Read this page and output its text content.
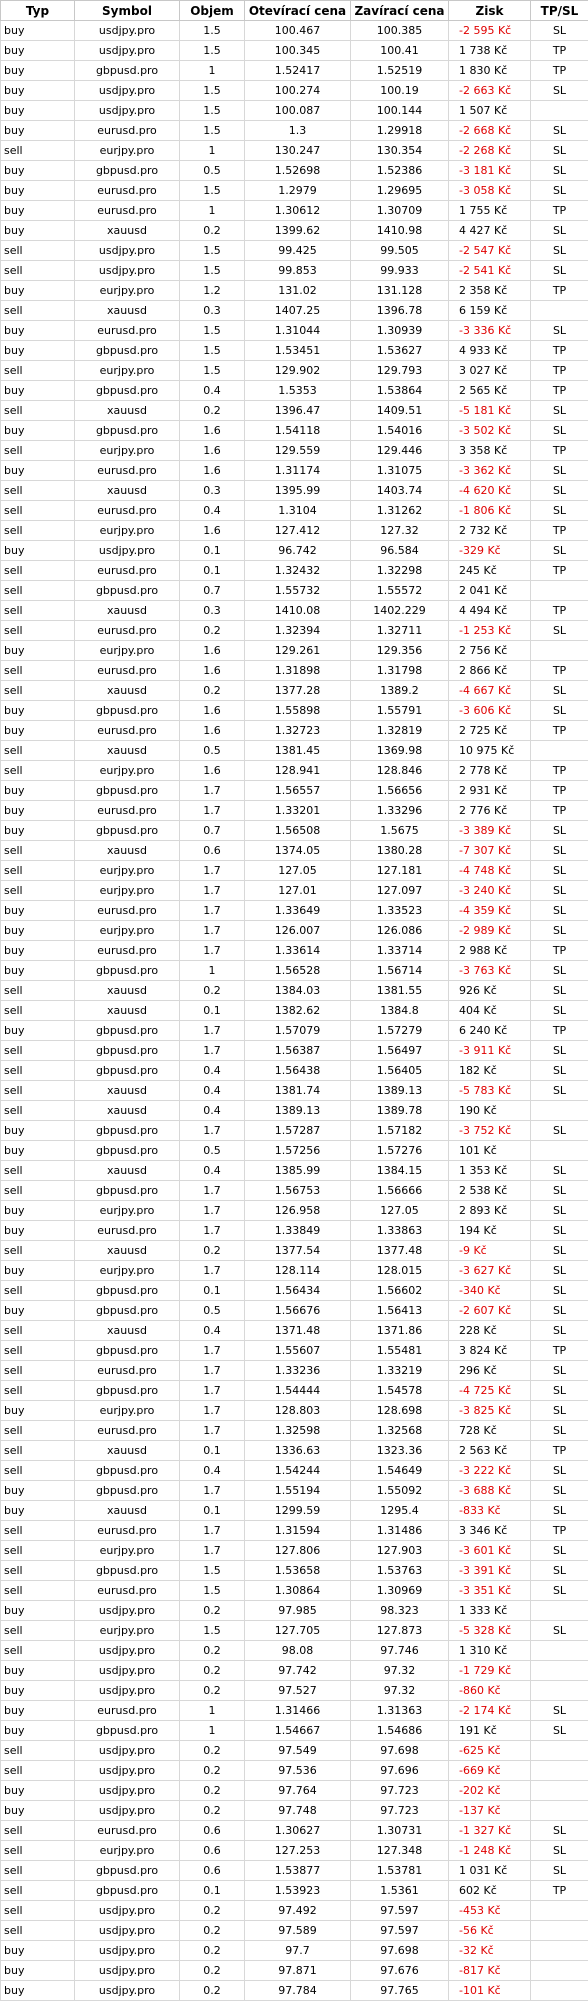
Typ	Symbol	Objem	Otevírací cena	Zavírací cena	Zisk	TP/SL
buy	usdjpy.pro	1.5	100.467	100.385	-2 595 Kč	SL
buy	usdjpy.pro	1.5	100.345	100.41	1 738 Kč	TP
buy	gbpusd.pro	1	1.52417	1.52519	1 830 Kč	TP
buy	usdjpy.pro	1.5	100.274	100.19	-2 663 Kč	SL
buy	usdjpy.pro	1.5	100.087	100.144	1 507 Kč	
buy	eurusd.pro	1.5	1.3	1.29918	-2 668 Kč	SL
sell	eurjpy.pro	1	130.247	130.354	-2 268 Kč	SL
buy	gbpusd.pro	0.5	1.52698	1.52386	-3 181 Kč	SL
buy	eurusd.pro	1.5	1.2979	1.29695	-3 058 Kč	SL
buy	eurusd.pro	1	1.30612	1.30709	1 755 Kč	TP
buy	xauusd	0.2	1399.62	1410.98	4 427 Kč	SL
sell	usdjpy.pro	1.5	99.425	99.505	-2 547 Kč	SL
sell	usdjpy.pro	1.5	99.853	99.933	-2 541 Kč	SL
buy	eurjpy.pro	1.2	131.02	131.128	2 358 Kč	TP
sell	xauusd	0.3	1407.25	1396.78	6 159 Kč	
buy	eurusd.pro	1.5	1.31044	1.30939	-3 336 Kč	SL
buy	gbpusd.pro	1.5	1.53451	1.53627	4 933 Kč	TP
sell	eurjpy.pro	1.5	129.902	129.793	3 027 Kč	TP
buy	gbpusd.pro	0.4	1.5353	1.53864	2 565 Kč	TP
sell	xauusd	0.2	1396.47	1409.51	-5 181 Kč	SL
buy	gbpusd.pro	1.6	1.54118	1.54016	-3 502 Kč	SL
sell	eurjpy.pro	1.6	129.559	129.446	3 358 Kč	TP
buy	eurusd.pro	1.6	1.31174	1.31075	-3 362 Kč	SL
sell	xauusd	0.3	1395.99	1403.74	-4 620 Kč	SL
sell	eurusd.pro	0.4	1.3104	1.31262	-1 806 Kč	SL
sell	eurjpy.pro	1.6	127.412	127.32	2 732 Kč	TP
buy	usdjpy.pro	0.1	96.742	96.584	-329 Kč	SL
sell	eurusd.pro	0.1	1.32432	1.32298	245 Kč	TP
sell	gbpusd.pro	0.7	1.55732	1.55572	2 041 Kč	
sell	xauusd	0.3	1410.08	1402.229	4 494 Kč	TP
sell	eurusd.pro	0.2	1.32394	1.32711	-1 253 Kč	SL
buy	eurjpy.pro	1.6	129.261	129.356	2 756 Kč	
sell	eurusd.pro	1.6	1.31898	1.31798	2 866 Kč	TP
sell	xauusd	0.2	1377.28	1389.2	-4 667 Kč	SL
buy	gbpusd.pro	1.6	1.55898	1.55791	-3 606 Kč	SL
buy	eurusd.pro	1.6	1.32723	1.32819	2 725 Kč	TP
sell	xauusd	0.5	1381.45	1369.98	10 975 Kč	
sell	eurjpy.pro	1.6	128.941	128.846	2 778 Kč	TP
buy	gbpusd.pro	1.7	1.56557	1.56656	2 931 Kč	TP
buy	eurusd.pro	1.7	1.33201	1.33296	2 776 Kč	TP
buy	gbpusd.pro	0.7	1.56508	1.5675	-3 389 Kč	SL
sell	xauusd	0.6	1374.05	1380.28	-7 307 Kč	SL
sell	eurjpy.pro	1.7	127.05	127.181	-4 748 Kč	SL
sell	eurjpy.pro	1.7	127.01	127.097	-3 240 Kč	SL
buy	eurusd.pro	1.7	1.33649	1.33523	-4 359 Kč	SL
buy	eurjpy.pro	1.7	126.007	126.086	-2 989 Kč	SL
buy	eurusd.pro	1.7	1.33614	1.33714	2 988 Kč	TP
buy	gbpusd.pro	1	1.56528	1.56714	-3 763 Kč	SL
sell	xauusd	0.2	1384.03	1381.55	926 Kč	SL
sell	xauusd	0.1	1382.62	1384.8	404 Kč	SL
buy	gbpusd.pro	1.7	1.57079	1.57279	6 240 Kč	TP
sell	gbpusd.pro	1.7	1.56387	1.56497	-3 911 Kč	SL
sell	gbpusd.pro	0.4	1.56438	1.56405	182 Kč	SL
sell	xauusd	0.4	1381.74	1389.13	-5 783 Kč	SL
sell	xauusd	0.4	1389.13	1389.78	190 Kč	
buy	gbpusd.pro	1.7	1.57287	1.57182	-3 752 Kč	SL
buy	gbpusd.pro	0.5	1.57256	1.57276	101 Kč	
sell	xauusd	0.4	1385.99	1384.15	1 353 Kč	SL
sell	gbpusd.pro	1.7	1.56753	1.56666	2 538 Kč	SL
buy	eurjpy.pro	1.7	126.958	127.05	2 893 Kč	SL
buy	eurusd.pro	1.7	1.33849	1.33863	194 Kč	SL
sell	xauusd	0.2	1377.54	1377.48	-9 Kč	SL
buy	eurjpy.pro	1.7	128.114	128.015	-3 627 Kč	SL
sell	gbpusd.pro	0.1	1.56434	1.56602	-340 Kč	SL
buy	gbpusd.pro	0.5	1.56676	1.56413	-2 607 Kč	SL
sell	xauusd	0.4	1371.48	1371.86	228 Kč	SL
sell	gbpusd.pro	1.7	1.55607	1.55481	3 824 Kč	TP
sell	eurusd.pro	1.7	1.33236	1.33219	296 Kč	SL
sell	gbpusd.pro	1.7	1.54444	1.54578	-4 725 Kč	SL
buy	eurjpy.pro	1.7	128.803	128.698	-3 825 Kč	SL
sell	eurusd.pro	1.7	1.32598	1.32568	728 Kč	SL
sell	xauusd	0.1	1336.63	1323.36	2 563 Kč	TP
sell	gbpusd.pro	0.4	1.54244	1.54649	-3 222 Kč	SL
buy	gbpusd.pro	1.7	1.55194	1.55092	-3 688 Kč	SL
buy	xauusd	0.1	1299.59	1295.4	-833 Kč	SL
sell	eurusd.pro	1.7	1.31594	1.31486	3 346 Kč	TP
sell	eurjpy.pro	1.7	127.806	127.903	-3 601 Kč	SL
sell	gbpusd.pro	1.5	1.53658	1.53763	-3 391 Kč	SL
sell	eurusd.pro	1.5	1.30864	1.30969	-3 351 Kč	SL
buy	usdjpy.pro	0.2	97.985	98.323	1 333 Kč	
sell	eurjpy.pro	1.5	127.705	127.873	-5 328 Kč	SL
sell	usdjpy.pro	0.2	98.08	97.746	1 310 Kč	
buy	usdjpy.pro	0.2	97.742	97.32	-1 729 Kč	
buy	usdjpy.pro	0.2	97.527	97.32	-860 Kč	
buy	eurusd.pro	1	1.31466	1.31363	-2 174 Kč	SL
buy	gbpusd.pro	1	1.54667	1.54686	191 Kč	SL
sell	usdjpy.pro	0.2	97.549	97.698	-625 Kč	
sell	usdjpy.pro	0.2	97.536	97.696	-669 Kč	
buy	usdjpy.pro	0.2	97.764	97.723	-202 Kč	
buy	usdjpy.pro	0.2	97.748	97.723	-137 Kč	
sell	eurusd.pro	0.6	1.30627	1.30731	-1 327 Kč	SL
sell	eurjpy.pro	0.6	127.253	127.348	-1 248 Kč	SL
sell	gbpusd.pro	0.6	1.53877	1.53781	1 031 Kč	SL
sell	gbpusd.pro	0.1	1.53923	1.5361	602 Kč	TP
sell	usdjpy.pro	0.2	97.492	97.597	-453 Kč	
sell	usdjpy.pro	0.2	97.589	97.597	-56 Kč	
buy	usdjpy.pro	0.2	97.7	97.698	-32 Kč	
buy	usdjpy.pro	0.2	97.871	97.676	-817 Kč	
buy	usdjpy.pro	0.2	97.784	97.765	-101 Kč	
